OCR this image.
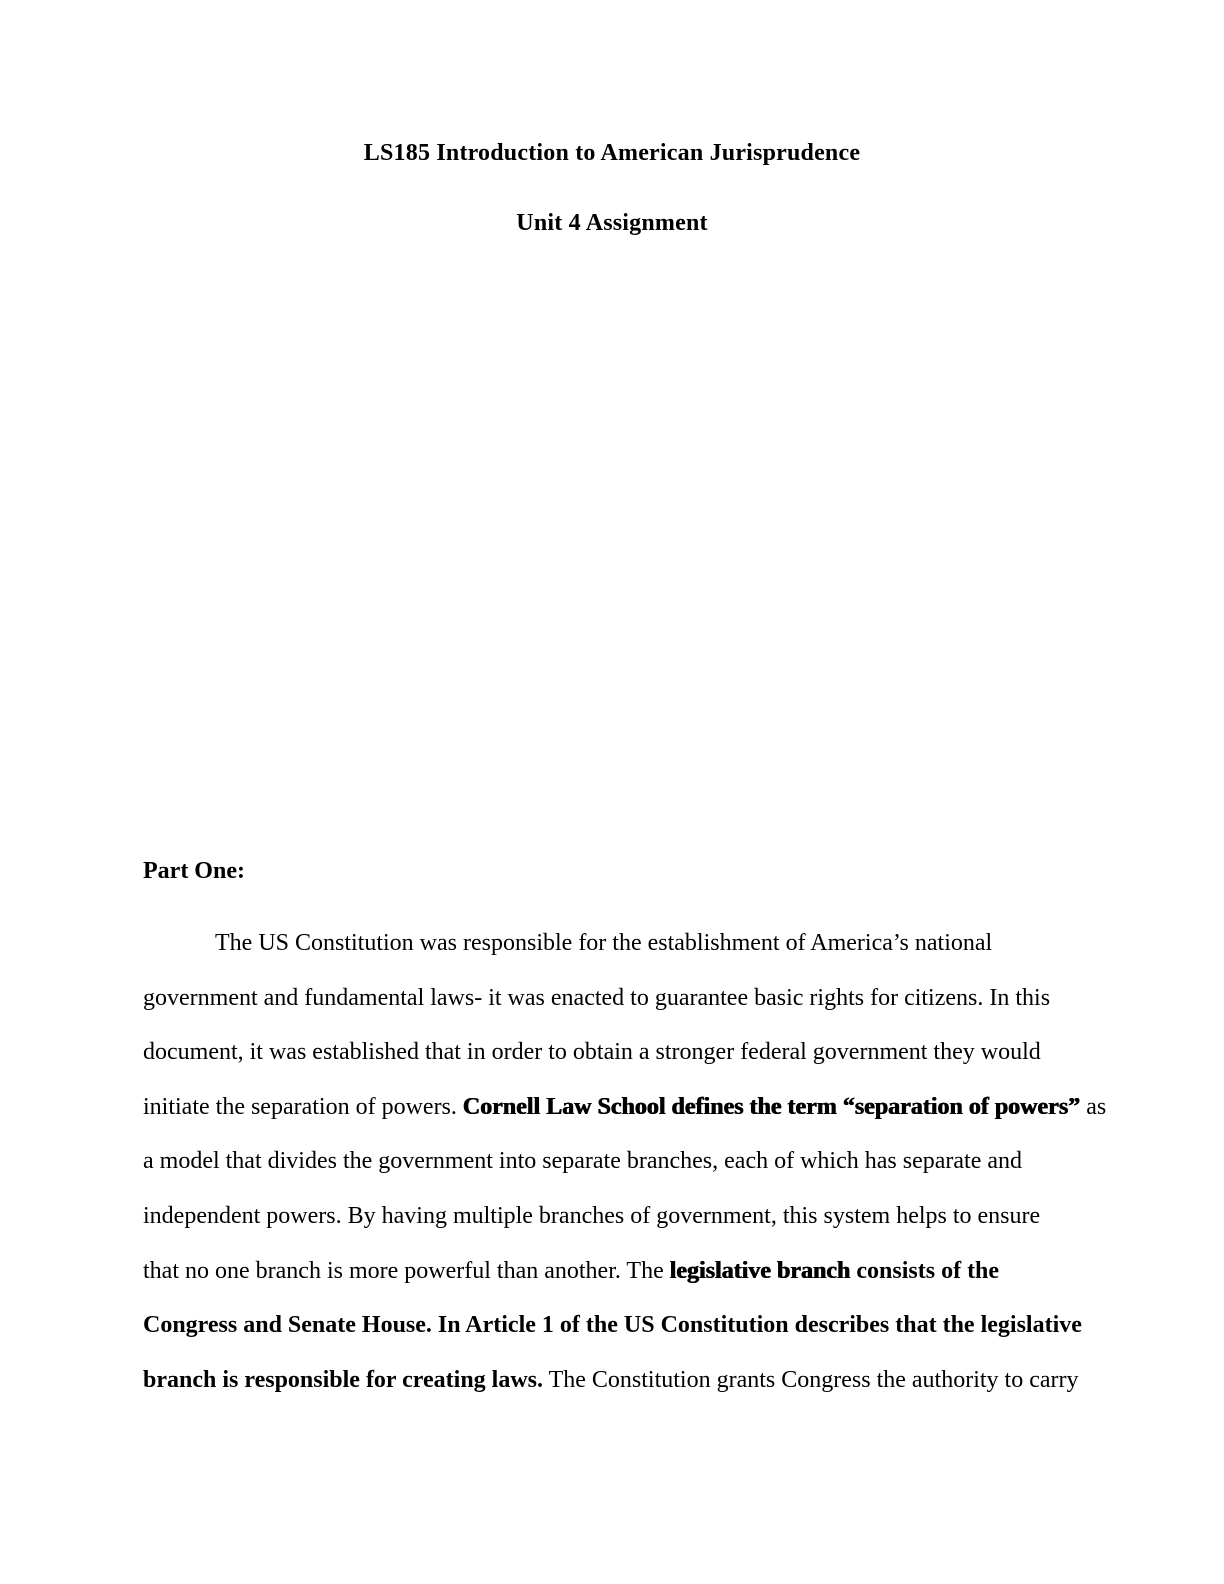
LS185 Introduction to American Jurisprudence
Unit 4 Assignment
Part One:
The US Constitution was responsible for the establishment of America’s national
government and fundamental laws- it was enacted to guarantee basic rights for citizens. In this
document, it was established that in order to obtain a stronger federal government they would
initiate the separation of powers. Cornell Law School defines the term “separation of powers” as
a model that divides the government into separate branches, each of which has separate and
independent powers. By having multiple branches of government, this system helps to ensure
that no one branch is more powerful than another. The legislative branch consists of the
Congress and Senate House. In Article 1 of the US Constitution describes that the legislative
branch is responsible for creating laws. The Constitution grants Congress the authority to carry
